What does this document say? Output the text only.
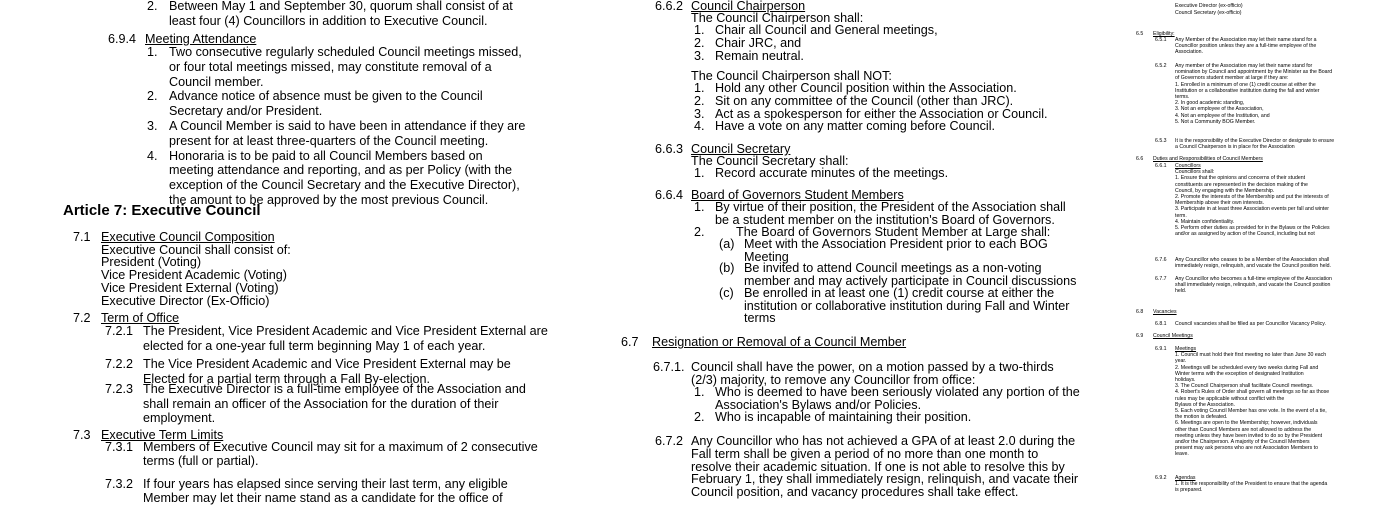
2. Between May 1 and September 30, quorum shall consist of at
least four (4) Councillors in addition to Executive Council.
6.9.4 Meeting Attendance
1. Two consecutive regularly scheduled Council meetings missed,
or four total meetings missed, may constitute removal of a
Council member.
2. Advance notice of absence must be given to the Council
Secretary and/or President.
3. A Council Member is said to have been in attendance if they are
present for at least three-quarters of the Council meeting.
4. Honoraria is to be paid to all Council Members based on
meeting attendance and reporting, and as per Policy (with the
exception of the Council Secretary and the Executive Director),
the amount to be approved by the most previous Council.
Article 7: Executive Council
7.1 Executive Council Composition
Executive Council shall consist of:
President (Voting)
Vice President Academic (Voting)
Vice President External (Voting)
Executive Director (Ex-Officio)
7.2 Term of Office
7.2.1 The President, Vice President Academic and Vice President External are
elected for a one-year full term beginning May 1 of each year.
7.2.2 The Vice President Academic and Vice President External may be
Elected for a partial term through a Fall By-election.
7.2.3 The Executive Director is a full-time employee of the Association and
shall remain an officer of the Association for the duration of their
employment.
7.3 Executive Term Limits
7.3.1 Members of Executive Council may sit for a maximum of 2 consecutive
terms (full or partial).
7.3.2 If four years has elapsed since serving their last term, any eligible
Member may let their name stand as a candidate for the office of
6.6.2 Council Chairperson
The Council Chairperson shall:
1. Chair all Council and General meetings,
2. Chair JRC, and
3. Remain neutral.
The Council Chairperson shall NOT:
1. Hold any other Council position within the Association.
2. Sit on any committee of the Council (other than JRC).
3. Act as a spokesperson for either the Association or Council.
4. Have a vote on any matter coming before Council.
6.6.3 Council Secretary
The Council Secretary shall:
1. Record accurate minutes of the meetings.
6.6.4 Board of Governors Student Members
1. By virtue of their position, the President of the Association shall
be a student member on the institution's Board of Governors.
2. The Board of Governors Student Member at Large shall:
(a) Meet with the Association President prior to each BOG
Meeting
(b) Be invited to attend Council meetings as a non-voting
member and may actively participate in Council discussions
(c) Be enrolled in at least one (1) credit course at either the
institution or collaborative institution during Fall and Winter
terms
6.7 Resignation or Removal of a Council Member
6.7.1. Council shall have the power, on a motion passed by a two-thirds
(2/3) majority, to remove any Councillor from office:
1. Who is deemed to have been seriously violated any portion of the
Association's Bylaws and/or Policies.
2. Who is incapable of maintaining their position.
6.7.2 Any Councillor who has not achieved a GPA of at least 2.0 during the
Fall term shall be given a period of no more than one month to
resolve their academic situation. If one is not able to resolve this by
February 1, they shall immediately resign, relinquish, and vacate their
Council position, and vacancy procedures shall take effect.
Executive Director (ex-officio)
Council Secretary (ex-officio)
6.5 Eligibility:
6.5.1 Any Member of the Association may let their name stand for a
Councillor position unless they are a full-time employee of the
Association.
6.5.2 Any member of the Association may let their name stand for
nomination by Council and appointment by the Minister as the Board
of Governors student member at large if they are:
1. Enrolled in a minimum of one (1) credit course at either the
Institution or a collaborative institution during the fall and winter
terms.
2. In good academic standing,
3. Not an employee of the Association,
4. Not an employee of the Institution, and
5. Not a Community BOG Member.
6.5.3 It is the responsibility of the Executive Director or designate to ensure
a Council Chairperson is in place for the Association
6.6 Duties and Responsibilities of Council Members
6.6.1 Councillors
Councillors shall:
1. Ensure that the opinions and concerns of their student
constituents are represented in the decision making of the
Council, by engaging with the Membership.
2. Promote the interests of the Membership and put the interests of
Membership above their own interests.
3. Participate in at least three Association events per fall and winter
term.
4. Maintain confidentiality.
5. Perform other duties as provided for in the Bylaws or the Policies
and/or as assigned by action of the Council, including but not
6.7.6 Any Councillor who ceases to be a Member of the Association shall
immediately resign, relinquish, and vacate the Council position held.
6.7.7 Any Councillor who becomes a full-time employee of the Association
shall immediately resign, relinquish, and vacate the Council position
held.
6.8 Vacancies
6.8.1 Council vacancies shall be filled as per Councillor Vacancy Policy.
6.9 Council Meetings
6.9.1 Meetings
1. Council must hold their first meeting no later than June 30 each
year.
2. Meetings will be scheduled every two weeks during Fall and
Winter terms with the exception of designated Institution
holidays.
3. The Council Chairperson shall facilitate Council meetings.
4. Robert's Rules of Order shall govern all meetings so far as those
rules may be applicable without conflict with the
Bylaws of the Association.
5. Each voting Council Member has one vote. In the event of a tie,
the motion is defeated.
6. Meetings are open to the Membership; however, individuals
other than Council Members are not allowed to address the
meeting unless they have been invited to do so by the President
and/or the Chairperson. A majority of the Council Members
present may ask persons who are not Association Members to
leave.
6.9.2 Agendas
1. It is the responsibility of the President to ensure that the agenda
is prepared.
